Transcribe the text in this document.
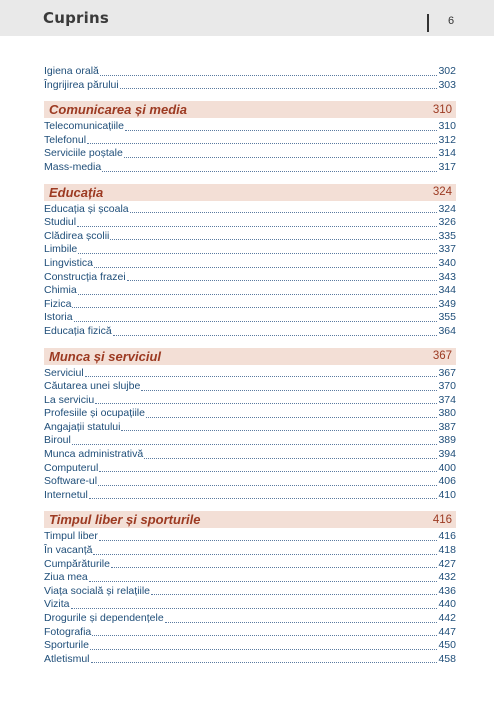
Cuprins	6
Igiena orală	302
Îngrijirea părului	303
Comunicarea și media	310
Telecomunicațiile	310
Telefonul	312
Serviciile poștale	314
Mass-media	317
Educația	324
Educația și școala	324
Studiul	326
Clădirea școlii	335
Limbile	337
Lingvistica	340
Construcția frazei	343
Chimia	344
Fizica	349
Istoria	355
Educația fizică	364
Munca și serviciul	367
Serviciul	367
Căutarea unei slujbe	370
La serviciu	374
Profesiile și ocupațiile	380
Angajații statului	387
Biroul	389
Munca administrativă	394
Computerul	400
Software-ul	406
Internetul	410
Timpul liber și sporturile	416
Timpul liber	416
În vacanță	418
Cumpărăturile	427
Ziua mea	432
Viața socială și relațiile	436
Vizita	440
Drogurile și dependențele	442
Fotografia	447
Sporturile	450
Atletismul	458
